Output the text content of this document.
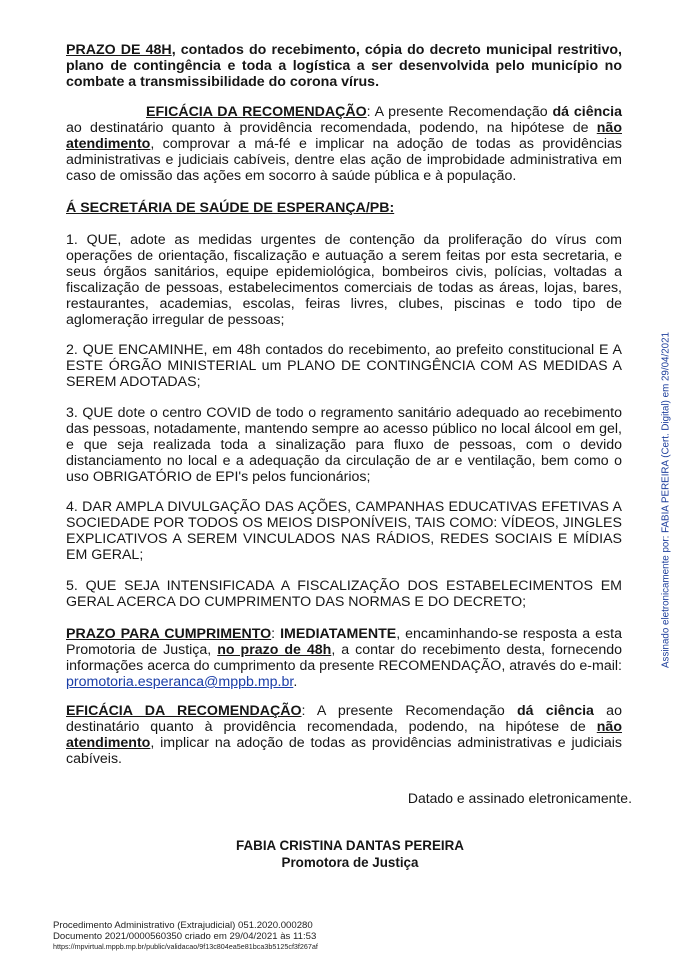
PRAZO DE 48H, contados do recebimento, cópia do decreto municipal restritivo, plano de contingência e toda a logística a ser desenvolvida pelo município no combate a transmissibilidade do corona vírus.
EFICÁCIA DA RECOMENDAÇÃO: A presente Recomendação dá ciência ao destinatário quanto à providência recomendada, podendo, na hipótese de não atendimento, comprovar a má-fé e implicar na adoção de todas as providências administrativas e judiciais cabíveis, dentre elas ação de improbidade administrativa em caso de omissão das ações em socorro à saúde pública e à população.
Á SECRETÁRIA DE SAÚDE DE ESPERANÇA/PB:
1. QUE, adote as medidas urgentes de contenção da proliferação do vírus com operações de orientação, fiscalização e autuação a serem feitas por esta secretaria, e seus órgãos sanitários, equipe epidemiológica, bombeiros civis, polícias, voltadas a fiscalização de pessoas, estabelecimentos comerciais de todas as áreas, lojas, bares, restaurantes, academias, escolas, feiras livres, clubes, piscinas e todo tipo de aglomeração irregular de pessoas;
2. QUE ENCAMINHE, em 48h contados do recebimento, ao prefeito constitucional E A ESTE ÓRGÃO MINISTERIAL um PLANO DE CONTINGÊNCIA COM AS MEDIDAS A SEREM ADOTADAS;
3. QUE dote o centro COVID de todo o regramento sanitário adequado ao recebimento das pessoas, notadamente, mantendo sempre ao acesso público no local álcool em gel, e que seja realizada toda a sinalização para fluxo de pessoas, com o devido distanciamento no local e a adequação da circulação de ar e ventilação, bem como o uso OBRIGATÓRIO de EPI's pelos funcionários;
4. DAR AMPLA DIVULGAÇÃO DAS AÇÕES, CAMPANHAS EDUCATIVAS EFETIVAS A SOCIEDADE POR TODOS OS MEIOS DISPONÍVEIS, TAIS COMO: VÍDEOS, JINGLES EXPLICATIVOS A SEREM VINCULADOS NAS RÁDIOS, REDES SOCIAIS E MÍDIAS EM GERAL;
5. QUE SEJA INTENSIFICADA A FISCALIZAÇÃO DOS ESTABELECIMENTOS EM GERAL ACERCA DO CUMPRIMENTO DAS NORMAS E DO DECRETO;
PRAZO PARA CUMPRIMENTO: IMEDIATAMENTE, encaminhando-se resposta a esta Promotoria de Justiça, no prazo de 48h, a contar do recebimento desta, fornecendo informações acerca do cumprimento da presente RECOMENDAÇÃO, através do e-mail: promotoria.esperanca@mppb.mp.br.
EFICÁCIA DA RECOMENDAÇÃO: A presente Recomendação dá ciência ao destinatário quanto à providência recomendada, podendo, na hipótese de não atendimento, implicar na adoção de todas as providências administrativas e judiciais cabíveis.
Datado e assinado eletronicamente.
FABIA CRISTINA DANTAS PEREIRA
Promotora de Justiça
Assinado eletronicamente por: FABIA PEREIRA (Cert. Digital) em 29/04/2021
Procedimento Administrativo (Extrajudicial) 051.2020.000280
Documento 2021/0000560350 criado em 29/04/2021 às 11:53
https://mpvirtual.mppb.mp.br/public/validacao/9f13c804ea5e81bca3b5125cf3f267af
